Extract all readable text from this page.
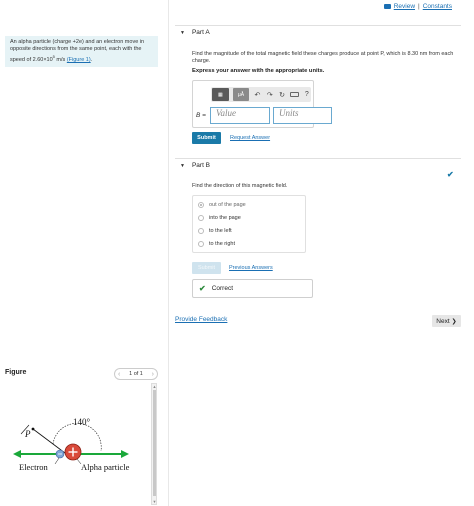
Review | Constants
An alpha particle (charge +2e) and an electron move in opposite directions from the same point, each with the speed of $2.60\times 10^5$ m/s (Figure 1).
Figure	‹ 1 of 1 ›
▲
▼
P
140°
Electron	Alpha particle
▼ Part A
Find the magnitude of the total magnetic field these charges produce at point P, which is 8.30 nm from each charge.
Express your answer with the appropriate units.
▦	μÅ	↶ ↷ ↻	?
B =	Value	Units
Submit	Request Answer
▼ Part B
✔
Find the direction of this magnetic field.
out of the page
into the page
to the left
to the right
Submit	Previous Answers
✔ Correct
Provide Feedback	Next ❯
